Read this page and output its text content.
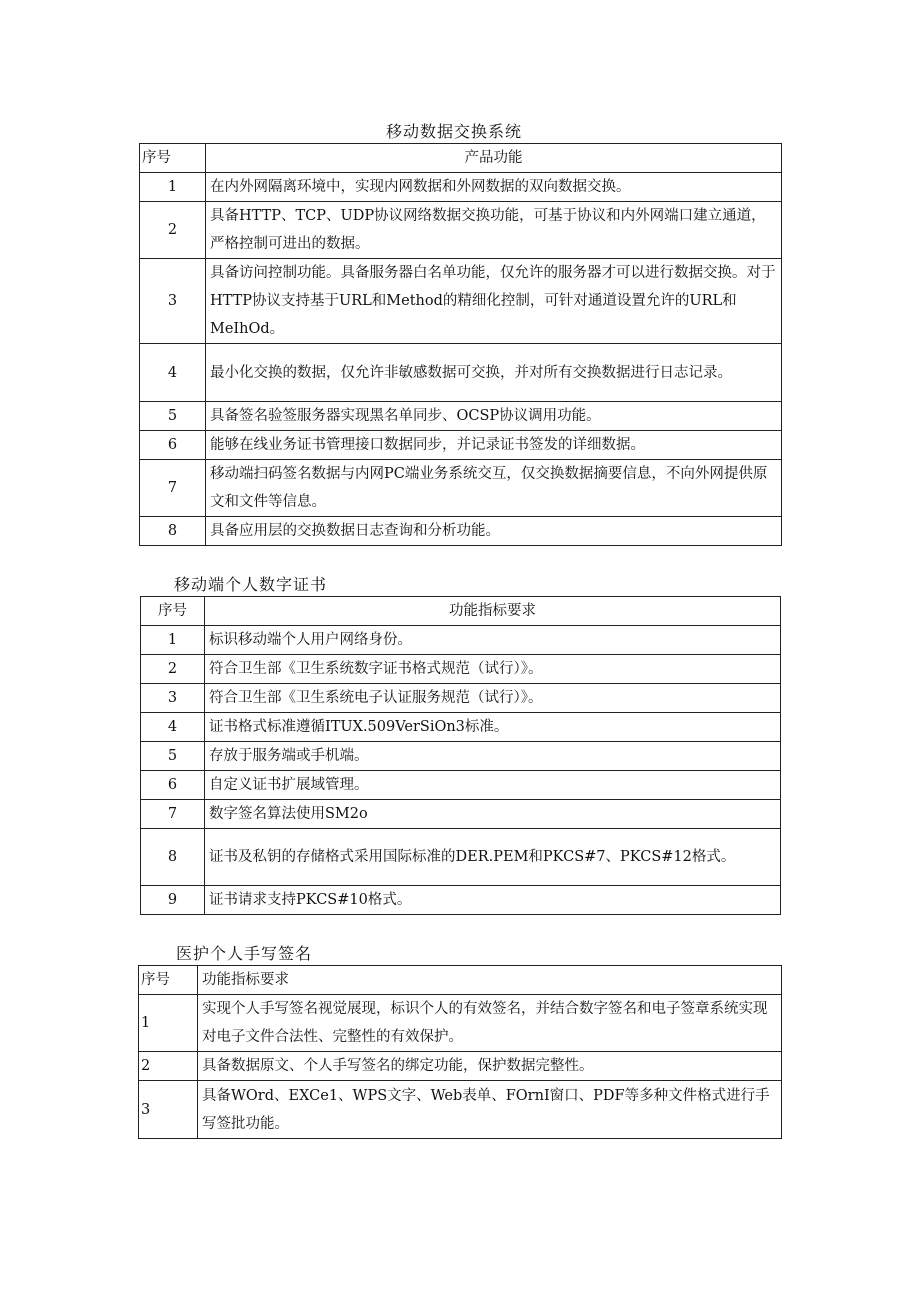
移动数据交换系统
序号	产品功能
1	在内外网隔离环境中，实现内网数据和外网数据的双向数据交换。
2	具备HTTP、TCP、UDP协议网络数据交换功能，可基于协议和内外网端口建立通道，严格控制可进出的数据。
3	具备访问控制功能。具备服务器白名单功能，仅允许的服务器才可以进行数据交换。对于HTTP协议支持基于URL和Method的精细化控制，可针对通道设置允许的URL和MeIhOd。
4	最小化交换的数据，仅允许非敏感数据可交换，并对所有交换数据进行日志记录。
5	具备签名验签服务器实现黑名单同步、OCSP协议调用功能。
6	能够在线业务证书管理接口数据同步，并记录证书签发的详细数据。
7	移动端扫码签名数据与内网PC端业务系统交互，仅交换数据摘要信息，不向外网提供原文和文件等信息。
8	具备应用层的交换数据日志查询和分析功能。
移动端个人数字证书
序号	功能指标要求
1	标识移动端个人用户网络身份。
2	符合卫生部《卫生系统数字证书格式规范（试行）》。
3	符合卫生部《卫生系统电子认证服务规范（试行）》。
4	证书格式标准遵循ITUX.509VerSiOn3标准。
5	存放于服务端或手机端。
6	自定义证书扩展域管理。
7	数字签名算法使用SM2o
8	证书及私钥的存储格式采用国际标准的DER.PEM和PKCS#7、PKCS#12格式。
9	证书请求支持PKCS#10格式。
医护个人手写签名
序号	功能指标要求
1	实现个人手写签名视觉展现，标识个人的有效签名，并结合数字签名和电子签章系统实现对电子文件合法性、完整性的有效保护。
2	具备数据原文、个人手写签名的绑定功能，保护数据完整性。
3	具备WOrd、EXCe1、WPS文字、Web表单、FOrnI窗口、PDF等多种文件格式进行手写签批功能。
